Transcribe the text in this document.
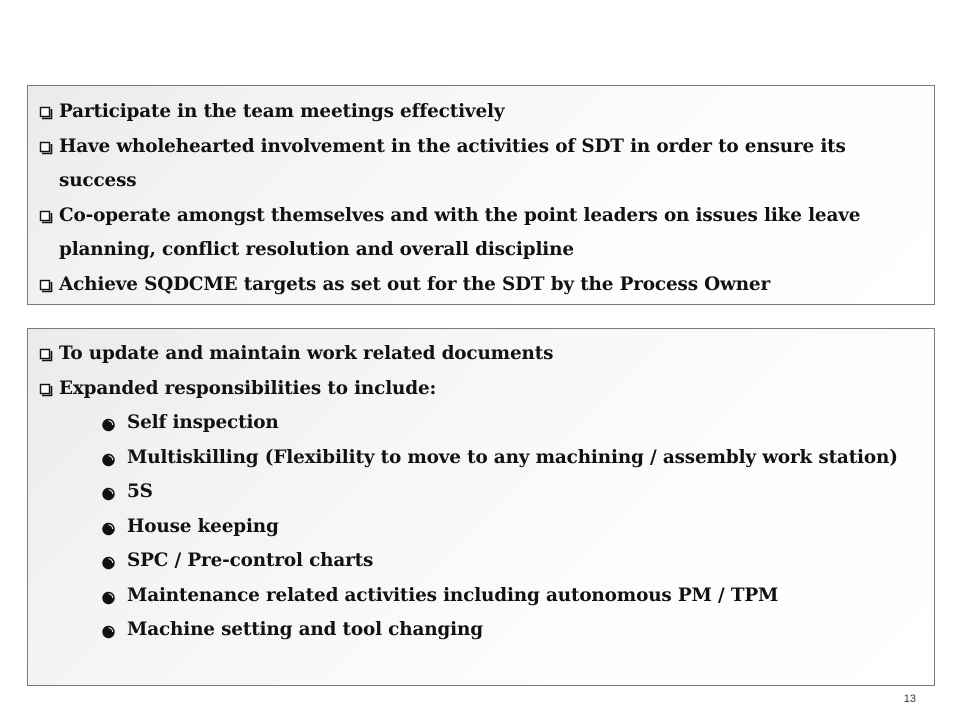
Participate in the team meetings effectively
Have wholehearted involvement in the activities of SDT in order to ensure its success
Co-operate amongst themselves and with the point leaders on issues like leave planning, conflict resolution and overall discipline
Achieve SQDCME targets as set out for the SDT by the Process Owner
To update and maintain work related documents
Expanded responsibilities to include:
Self inspection
Multiskilling (Flexibility to move to any machining / assembly work station)
5S
House keeping
SPC / Pre-control charts
Maintenance related activities including autonomous PM / TPM
Machine setting and tool changing
13
